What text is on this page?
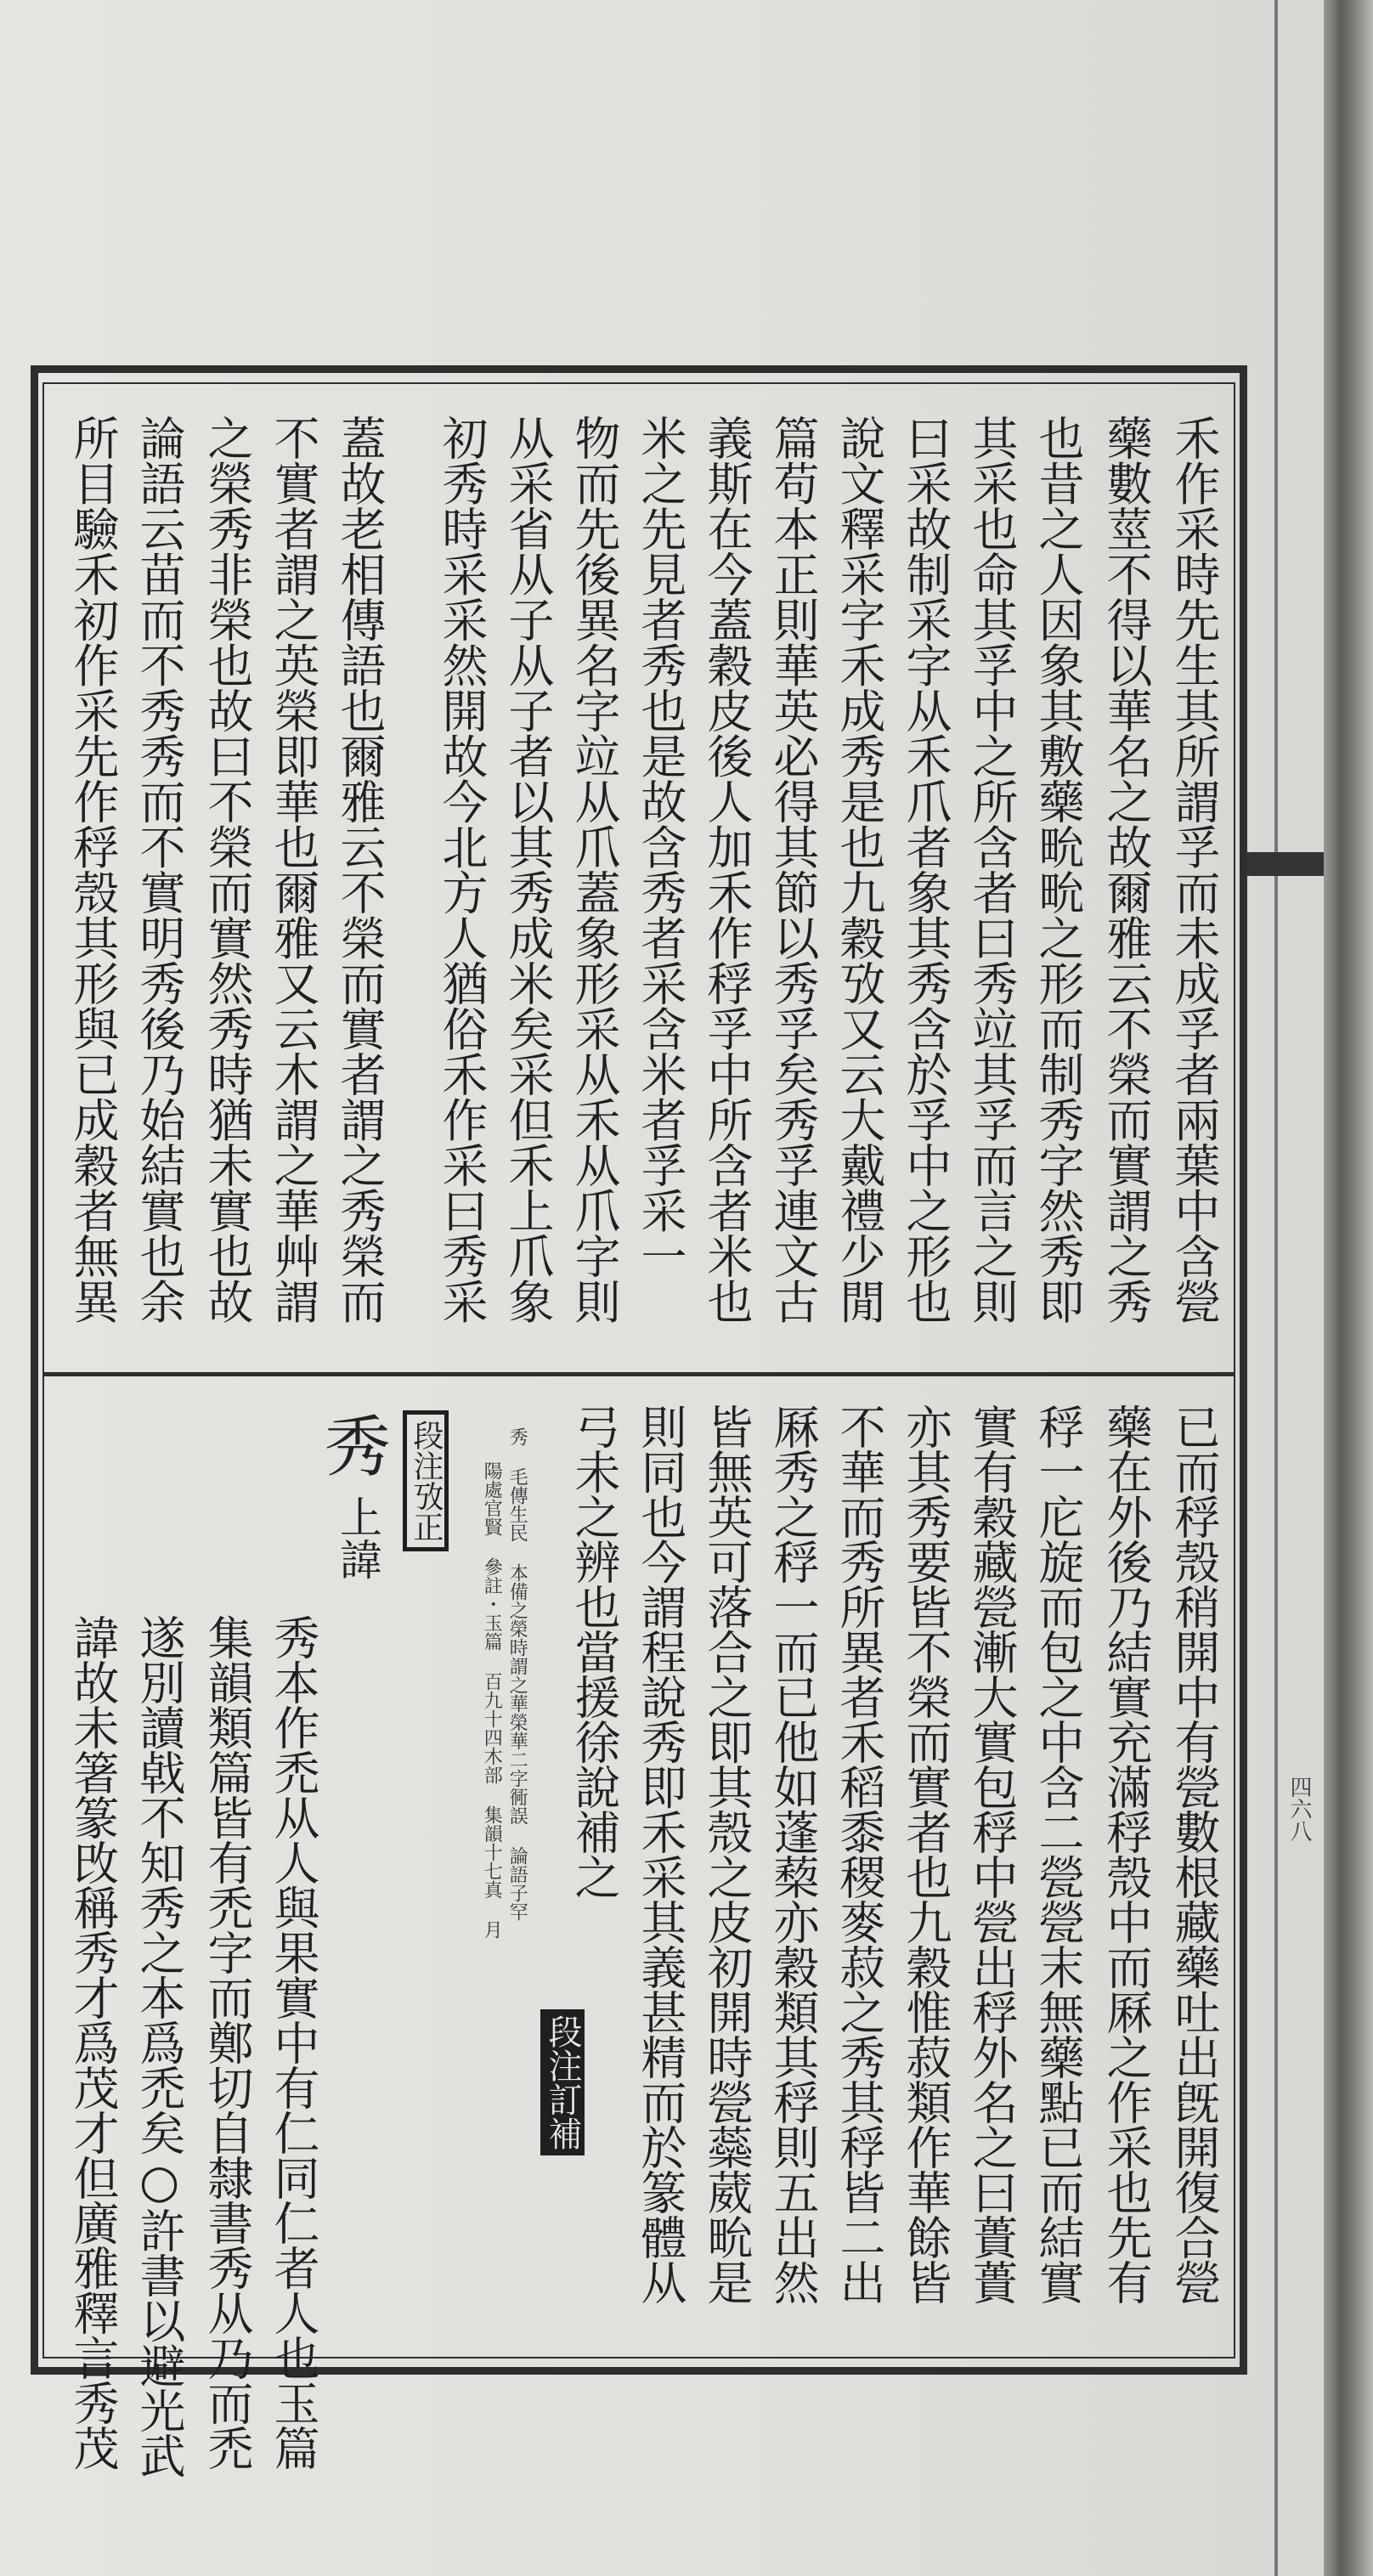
四六八
禾作采時先生其所謂孚而未成孚者兩葉中含甇
藥數莖不得以華名之故爾雅云不榮而實謂之秀
也昔之人因象其敷藥㽙㽙之形而制秀字然秀即
其采也命其孚中之所含者曰秀竝其孚而言之則
曰采故制采字从禾爪者象其秀含於孚中之形也
說文釋采字禾成秀是也九穀攷又云大戴禮少閒
篇苟本正則華英必得其節以秀孚矣秀孚連文古
義斯在今蓋穀皮後人加禾作稃孚中所含者米也
米之先見者秀也是故含秀者采含米者孚采一
物而先後異名字竝从爪蓋象形采从禾从爪字則
从采省从子从子者以其秀成米矣采但禾上爪象
初秀時采采然開故今北方人猶俗禾作采曰秀采
蓋故老相傳語也爾雅云不榮而實者謂之秀榮而
不實者謂之英榮即華也爾雅又云木謂之華艸謂
之榮秀非榮也故曰不榮而實然秀時猶未實也故
論語云苗而不秀秀而不實明秀後乃始結實也余
所目驗禾初作采先作稃殼其形與已成穀者無異
已而稃殼稍開中有甇數根藏藥吐出旣開復合甇
藥在外後乃結實充滿稃殼中而厤之作采也先有
稃一庀旋而包之中含二甇甇末無藥點已而結實
實有穀藏甇漸大實包稃中甇出稃外名之曰蕢蕢
亦其秀要皆不榮而實者也九穀惟菽類作華餘皆
不華而秀所異者禾稻黍稷麥菽之秀其稃皆二出
厤秀之稃一而已他如蓬蔾亦穀類其稃則五出然
皆無英可落合之即其殼之皮初開時甇蘂葳㽙是
則同也今謂程說秀即禾采其義甚精而於篆體从
弓未之辨也當援徐說補之
段注訂補
秀 毛傳生民 本備之榮時謂之華榮華二字衕誤 論語子罕
陽處官賢 參註・玉篇 百九十四木部 集韻十七真 月
段注攷正
秀
上諱
秀本作禿从人與果實中有仁同仁者人也玉篇
集韻類篇皆有禿字而鄭切自隸書秀从乃而禿
遂別讀㦸不知秀之本爲禿矣○許書以避光武
諱故未箸篆攺稱秀才爲茂才但廣雅釋言秀茂
